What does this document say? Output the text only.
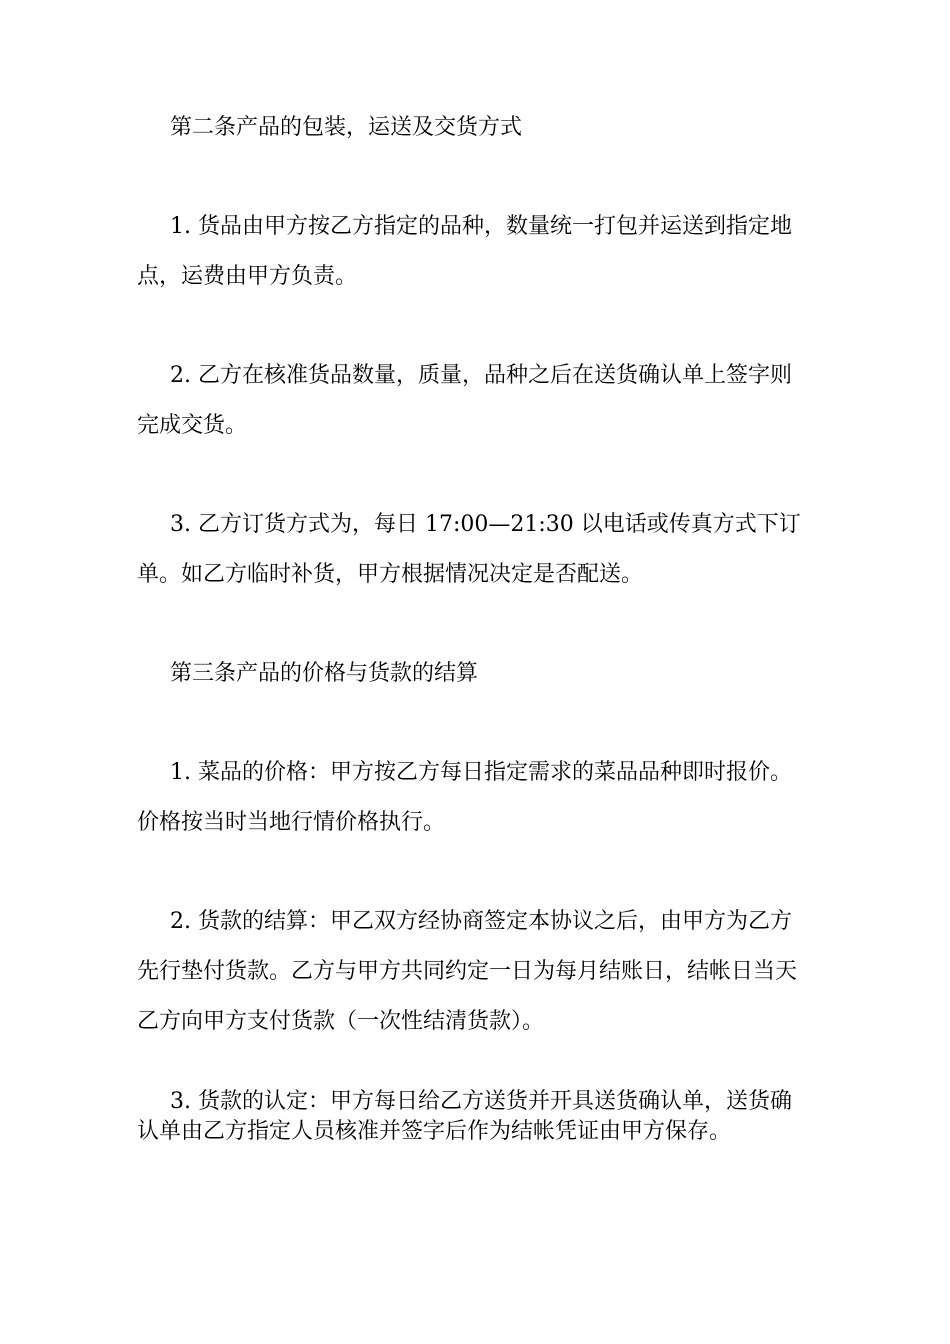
第二条产品的包装，运送及交货方式
1. 货品由甲方按乙方指定的品种，数量统一打包并运送到指定地
点，运费由甲方负责。
2. 乙方在核准货品数量，质量，品种之后在送货确认单上签字则
完成交货。
3. 乙方订货方式为，每日 17:00—21:30 以电话或传真方式下订
单。如乙方临时补货，甲方根据情况决定是否配送。
第三条产品的价格与货款的结算
1. 菜品的价格：甲方按乙方每日指定需求的菜品品种即时报价。
价格按当时当地行情价格执行。
2. 货款的结算：甲乙双方经协商签定本协议之后，由甲方为乙方
先行垫付货款。乙方与甲方共同约定一日为每月结账日，结帐日当天
乙方向甲方支付货款（一次性结清货款）。
3. 货款的认定：甲方每日给乙方送货并开具送货确认单，送货确
认单由乙方指定人员核准并签字后作为结帐凭证由甲方保存。
